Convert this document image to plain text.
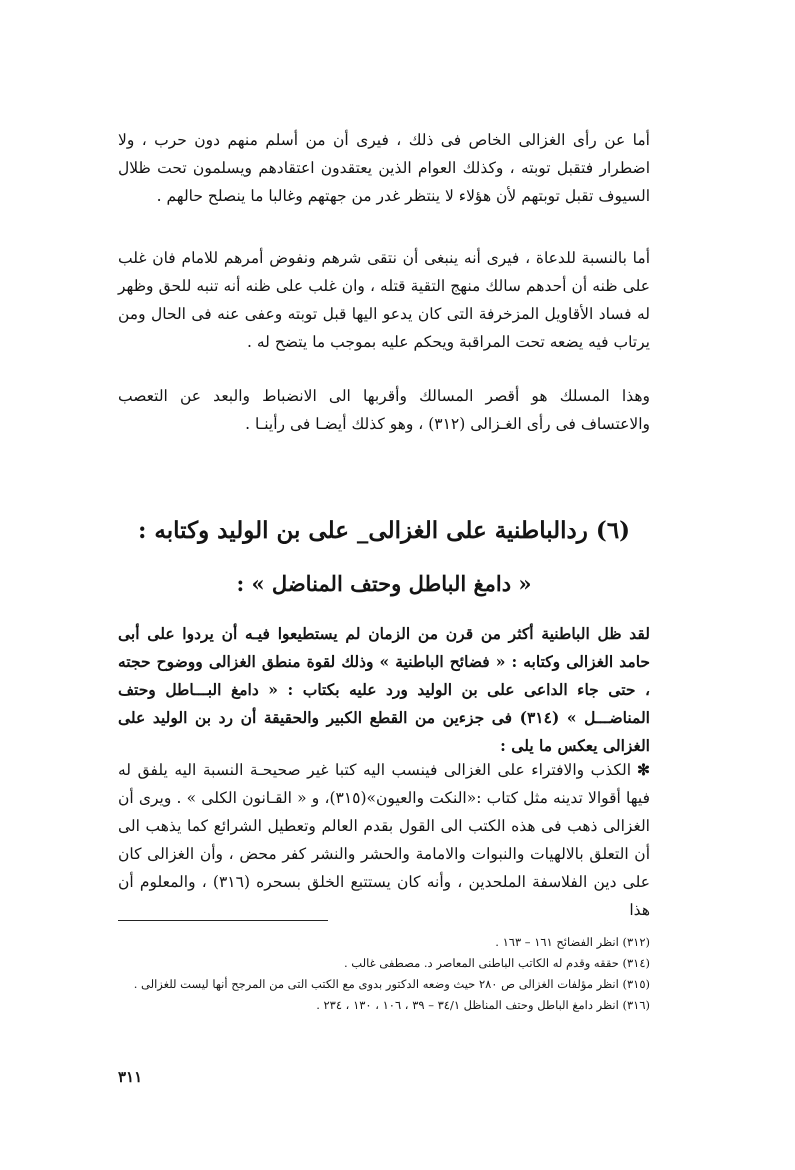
أما عن رأى الغزالى الخاص فى ذلك ، فيرى أن من أسلم منهم دون حرب ، ولا اضطرار فتقبل توبته ، وكذلك العوام الذين يعتقدون اعتقادهم ويسلمون تحت ظلال السيوف تقبل توبتهم لأن هؤلاء لا ينتظر غدر من جهتهم وغالبا ما ينصلح حالهم .

أما بالنسبة للدعاة ، فيرى أنه ينبغى أن نتقى شرهم ونفوض أمرهم للامام فان غلب على ظنه أن أحدهم سالك منهج التقية قتله ، وان غلب على ظنه أنه تنبه للحق وظهر له فساد الأقاويل المزخرفة التى كان يدعو اليها قبل توبته وعفى عنه فى الحال ومن يرتاب فيه يضعه تحت المراقبة ويحكم عليه بموجب ما يتضح له .

وهذا المسلك هو أقصر المسالك وأقربها الى الانضباط والبعد عن التعصب والاعتساف فى رأى الغـزالى (٣١٢) ، وهو كذلك أيضـا فى رأينـا .

(٦) ردالباطنية على الغزالى_ على بن الوليد وكتابه :
« دامغ الباطل وحتف المناضل » :

لقد ظل الباطنية أكثر من قرن من الزمان لم يستطيعوا فيـه أن يردوا على أبى حامد الغزالى وكتابه : « فضائح الباطنية » وذلك لقوة منطق الغزالى ووضوح حجته ، حتى جاء الداعى على بن الوليد ورد عليه بكتاب : « دامغ البـــاطل وحتف المناضـــل » (٣١٤) فى جزءين من القطع الكبير والحقيقة أن رد بن الوليد على الغزالى يعكس ما يلى :

✻الكذب والافتراء على الغزالى فينسب اليه كتبا غير صحيحـة النسبة اليه يلفق له فيها أقوالا تدينه مثل كتاب :«النكت والعيون»(٣١٥)، و « القـانون الكلى » . ويرى أن الغزالى ذهب فى هذه الكتب الى القول بقدم العالم وتعطيل الشرائع كما يذهب الى أن التعلق بالالهيات والنبوات والامامة والحشر والنشر كفر محض ، وأن الغزالى كان على دين الفلاسفة الملحدين ، وأنه كان يستتبع الخلق بسحره (٣١٦) ، والمعلوم أن هذا

(٣١٢) انظر الفضائح ١٦١ – ١٦٣ .
(٣١٤) حققه وقدم له الكاتب الباطنى المعاصر د. مصطفى غالب .
(٣١٥) انظر مؤلفات الغزالى ص ٢٨٠ حيث وضعه الدكتور بدوى مع الكتب التى من المرجح أنها ليست للغزالى .
(٣١٦) انظر دامغ الباطل وحتف المناظل ٣٤/١ – ٣٩ ، ١٠٦ ، ١٣٠ ، ٢٣٤ .
٣١١
